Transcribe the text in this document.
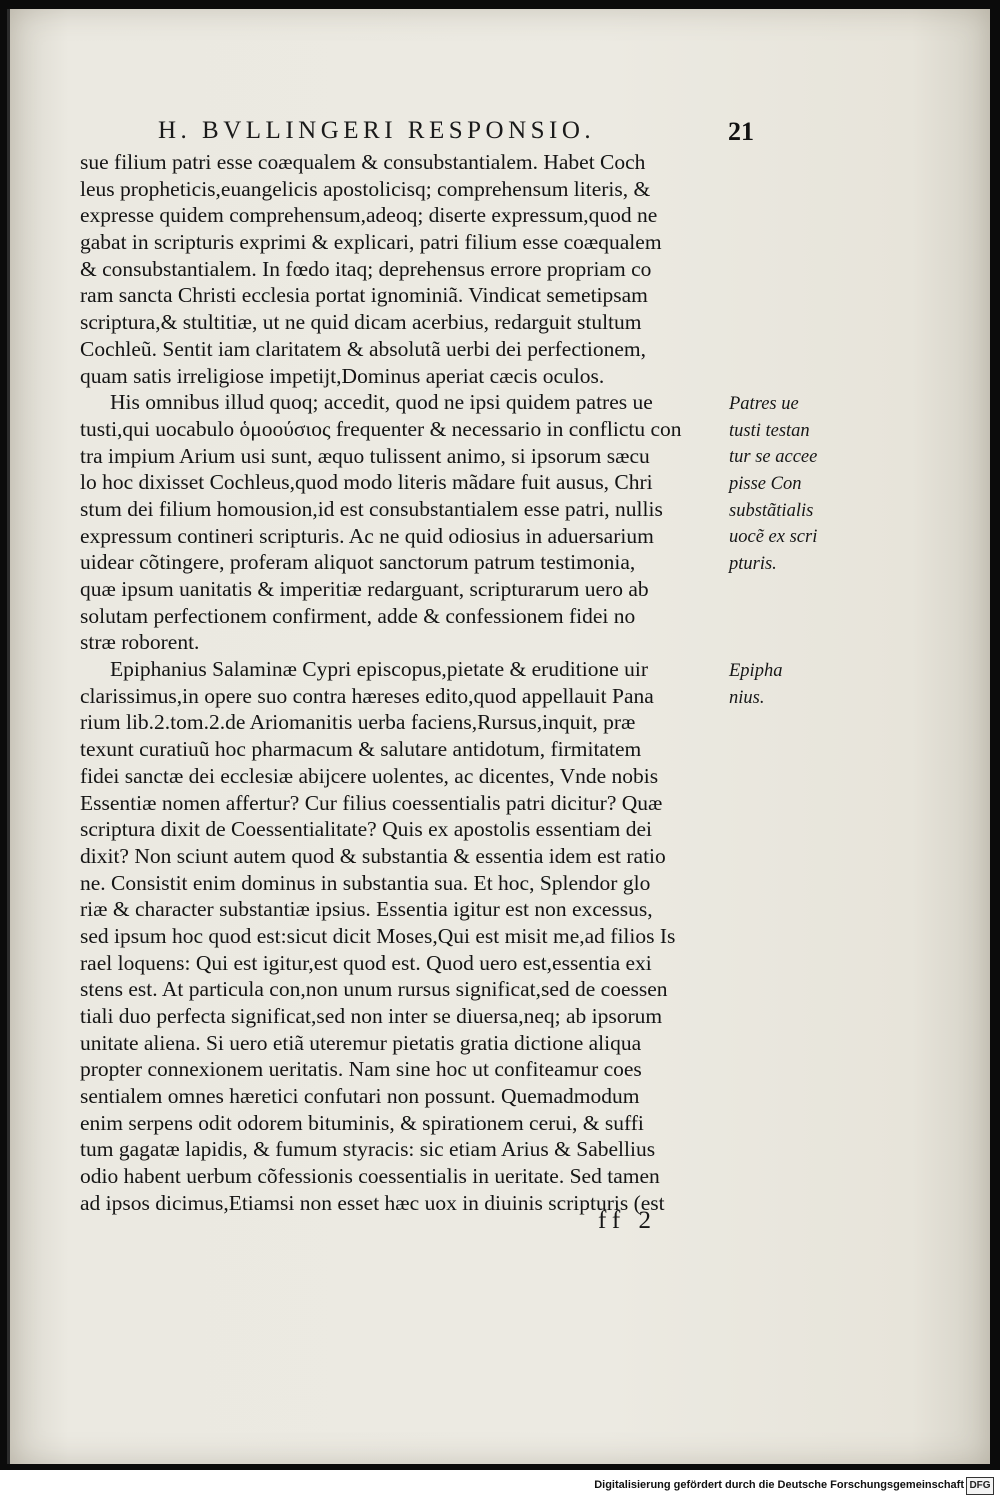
H. BVLLINGERI RESPONSIO.	21
sue filium patri esse coæqualem & consubstantialem. Habet Coch
leus propheticis,euangelicis apostolicisq; comprehensum literis, &
expresse quidem comprehensum,adeoq; diserte expressum,quod ne
gabat in scripturis exprimi & explicari, patri filium esse coæqualem
& consubstantialem. In fœdo itaq; deprehensus errore propriam co
ram sancta Christi ecclesia portat ignominiã. Vindicat semetipsam
scriptura,& stultitiæ, ut ne quid dicam acerbius, redarguit stultum
Cochleũ. Sentit iam claritatem & absolutã uerbi dei perfectionem,
quam satis irreligiose impetijt,Dominus aperiat cæcis oculos.
His omnibus illud quoq; accedit, quod ne ipsi quidem patres ue
tusti,qui uocabulo ὁμοούσιος frequenter & necessario in conflictu con
tra impium Arium usi sunt, æquo tulissent animo, si ipsorum sæcu
lo hoc dixisset Cochleus,quod modo literis mãdare fuit ausus, Chri
stum dei filium homousion,id est consubstantialem esse patri, nullis
expressum contineri scripturis. Ac ne quid odiosius in aduersarium
uidear cõtingere, proferam aliquot sanctorum patrum testimonia,
quæ ipsum uanitatis & imperitiæ redarguant, scripturarum uero ab
solutam perfectionem confirment, adde & confessionem fidei no
stræ roborent.
Epiphanius Salaminæ Cypri episcopus,pietate & eruditione uir
clarissimus,in opere suo contra hæreses edito,quod appellauit Pana
rium lib.2.tom.2.de Ariomanitis uerba faciens,Rursus,inquit, præ
texunt curatiuũ hoc pharmacum & salutare antidotum, firmitatem
fidei sanctæ dei ecclesiæ abijcere uolentes, ac dicentes, Vnde nobis
Essentiæ nomen affertur? Cur filius coessentialis patri dicitur? Quæ
scriptura dixit de Coessentialitate? Quis ex apostolis essentiam dei
dixit? Non sciunt autem quod & substantia & essentia idem est ratio
ne. Consistit enim dominus in substantia sua. Et hoc, Splendor glo
riæ & character substantiæ ipsius. Essentia igitur est non excessus,
sed ipsum hoc quod est:sicut dicit Moses,Qui est misit me,ad filios Is
rael loquens: Qui est igitur,est quod est. Quod uero est,essentia exi
stens est. At particula con,non unum rursus significat,sed de coessen
tiali duo perfecta significat,sed non inter se diuersa,neq; ab ipsorum
unitate aliena. Si uero etiã uteremur pietatis gratia dictione aliqua
propter connexionem ueritatis. Nam sine hoc ut confiteamur coes
sentialem omnes hæretici confutari non possunt. Quemadmodum
enim serpens odit odorem bituminis, & spirationem cerui, & suffi
tum gagatæ lapidis, & fumum styracis: sic etiam Arius & Sabellius
odio habent uerbum cõfessionis coessentialis in ueritate. Sed tamen
ad ipsos dicimus,Etiamsi non esset hæc uox in diuinis scripturis (est
Patres ue
tusti testan
tur se accee
pisse Con
substãtialis
uocẽ ex scri
pturis.
Epipha
nius.
ff 2
Digitalisierung gefördert durch die Deutsche Forschungsgemeinschaft DFG
